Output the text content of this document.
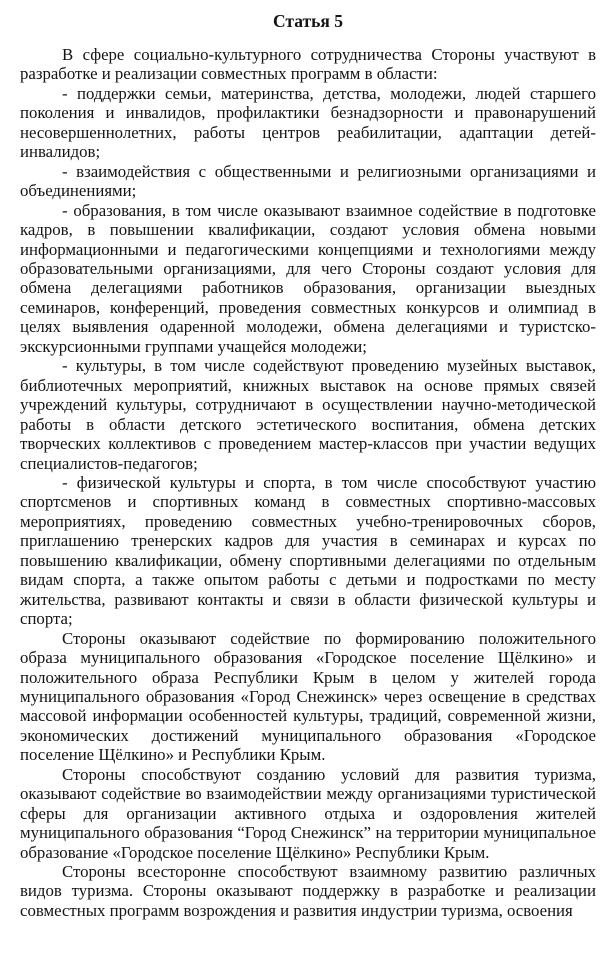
Статья 5

В сфере социально-культурного сотрудничества Стороны участвуют в разработке и реализации совместных программ в области:

- поддержки семьи, материнства, детства, молодежи, людей старшего поколения и инвалидов, профилактики безнадзорности и правонарушений несовершеннолетних, работы центров реабилитации, адаптации детей-инвалидов;

- взаимодействия с общественными и религиозными организациями и объединениями;

- образования, в том числе оказывают взаимное содействие в подготовке кадров, в повышении квалификации, создают условия обмена новыми информационными и педагогическими концепциями и технологиями между образовательными организациями, для чего Стороны создают условия для обмена делегациями работников образования, организации выездных семинаров, конференций, проведения совместных конкурсов и олимпиад в целях выявления одаренной молодежи, обмена делегациями и туристско-экскурсионными группами учащейся молодежи;

- культуры, в том числе содействуют проведению музейных выставок, библиотечных мероприятий, книжных выставок на основе прямых связей учреждений культуры, сотрудничают в осуществлении научно-методической работы в области детского эстетического воспитания, обмена детских творческих коллективов с проведением мастер-классов при участии ведущих специалистов-педагогов;

- физической культуры и спорта, в том числе способствуют участию спортсменов и спортивных команд в совместных спортивно-массовых мероприятиях, проведению совместных учебно-тренировочных сборов, приглашению тренерских кадров для участия в семинарах и курсах по повышению квалификации, обмену спортивными делегациями по отдельным видам спорта, а также опытом работы с детьми и подростками по месту жительства, развивают контакты и связи в области физической культуры и спорта;

Стороны оказывают содействие по формированию положительного образа муниципального образования «Городское поселение Щёлкино» и положительного образа Республики Крым в целом у жителей города муниципального образования «Город Снежинск» через освещение в средствах массовой информации особенностей культуры, традиций, современной жизни, экономических достижений муниципального образования «Городское поселение Щёлкино» и Республики Крым.

Стороны способствуют созданию условий для развития туризма, оказывают содействие во взаимодействии между организациями туристической сферы для организации активного отдыха и оздоровления жителей муниципального образования “Город Снежинск” на территории муниципальное образование «Городское поселение Щёлкино» Республики Крым.

Стороны всесторонне способствуют взаимному развитию различных видов туризма. Стороны оказывают поддержку в разработке и реализации совместных программ возрождения и развития индустрии туризма, освоения
